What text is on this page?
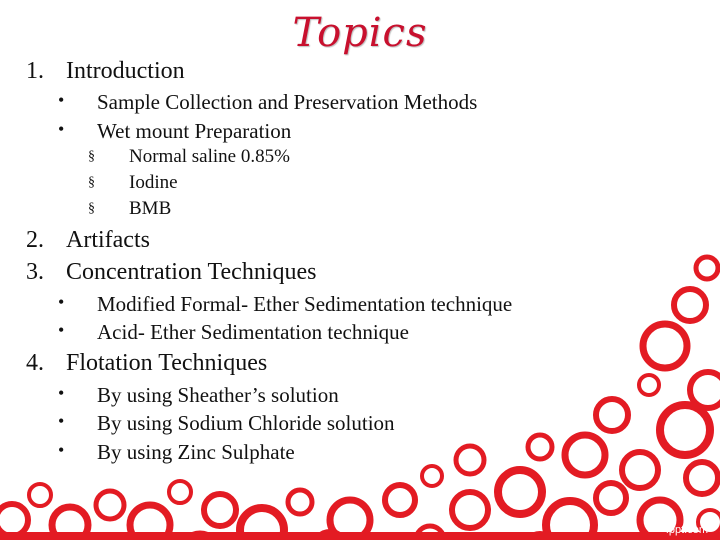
Topics
1. Introduction
• Sample Collection and Preservation Methods
• Wet mount Preparation
§ Normal saline 0.85%
§ Iodine
§ BMB
2. Artifacts
3. Concentration Techniques
• Modified Formal- Ether Sedimentation technique
• Acid- Ether Sedimentation technique
4. Flotation Techniques
• By using Sheather’s solution
• By using Sodium Chloride solution
• By using Zinc Sulphate
fppt.com
